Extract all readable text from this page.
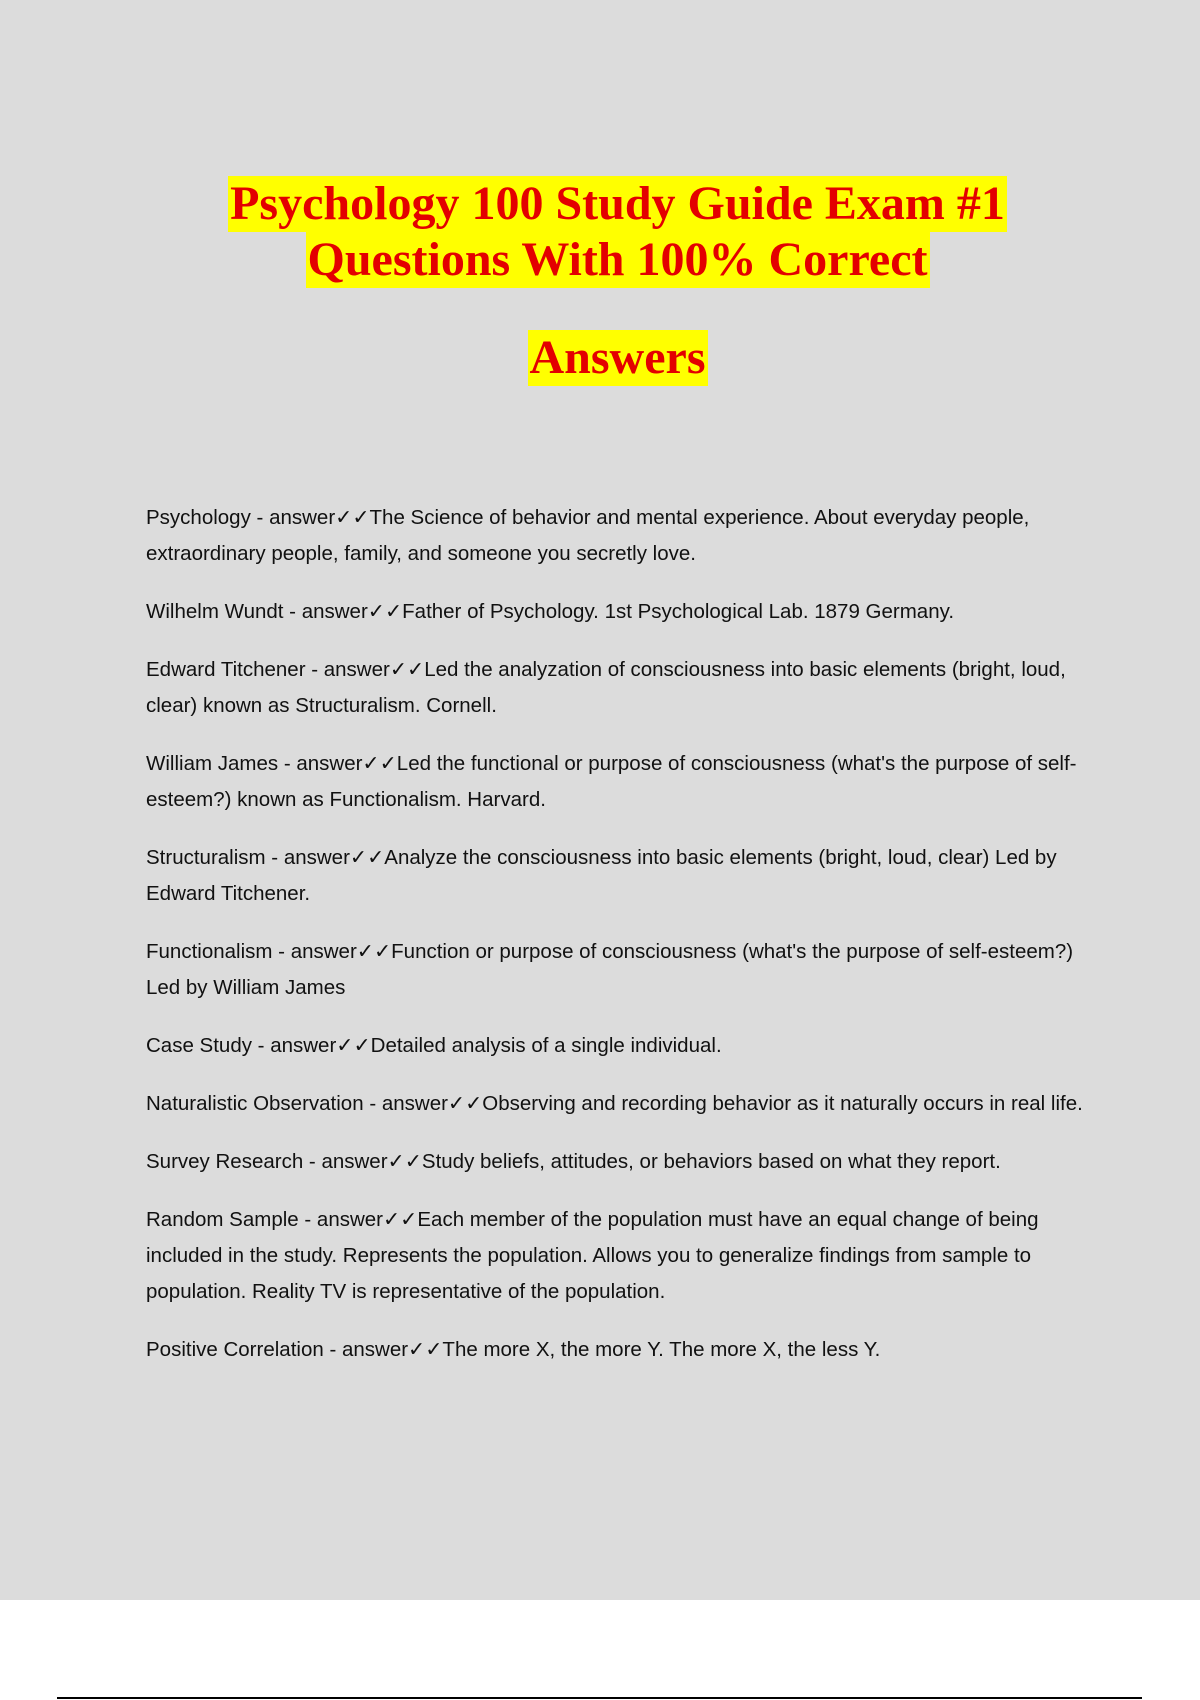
Psychology 100 Study Guide Exam #1
Questions With 100% Correct
Answers
Psychology - answer✓✓The Science of behavior and mental experience. About everyday people, extraordinary people, family, and someone you secretly love.
Wilhelm Wundt - answer✓✓Father of Psychology. 1st Psychological Lab. 1879 Germany.
Edward Titchener - answer✓✓Led the analyzation of consciousness into basic elements (bright, loud, clear) known as Structuralism. Cornell.
William James - answer✓✓Led the functional or purpose of consciousness (what's the purpose of self-esteem?) known as Functionalism. Harvard.
Structuralism - answer✓✓Analyze the consciousness into basic elements (bright, loud, clear) Led by Edward Titchener.
Functionalism - answer✓✓Function or purpose of consciousness (what's the purpose of self-esteem?) Led by William James
Case Study - answer✓✓Detailed analysis of a single individual.
Naturalistic Observation - answer✓✓Observing and recording behavior as it naturally occurs in real life.
Survey Research - answer✓✓Study beliefs, attitudes, or behaviors based on what they report.
Random Sample - answer✓✓Each member of the population must have an equal change of being included in the study. Represents the population. Allows you to generalize findings from sample to population. Reality TV is representative of the population.
Positive Correlation - answer✓✓The more X, the more Y. The more X, the less Y.
